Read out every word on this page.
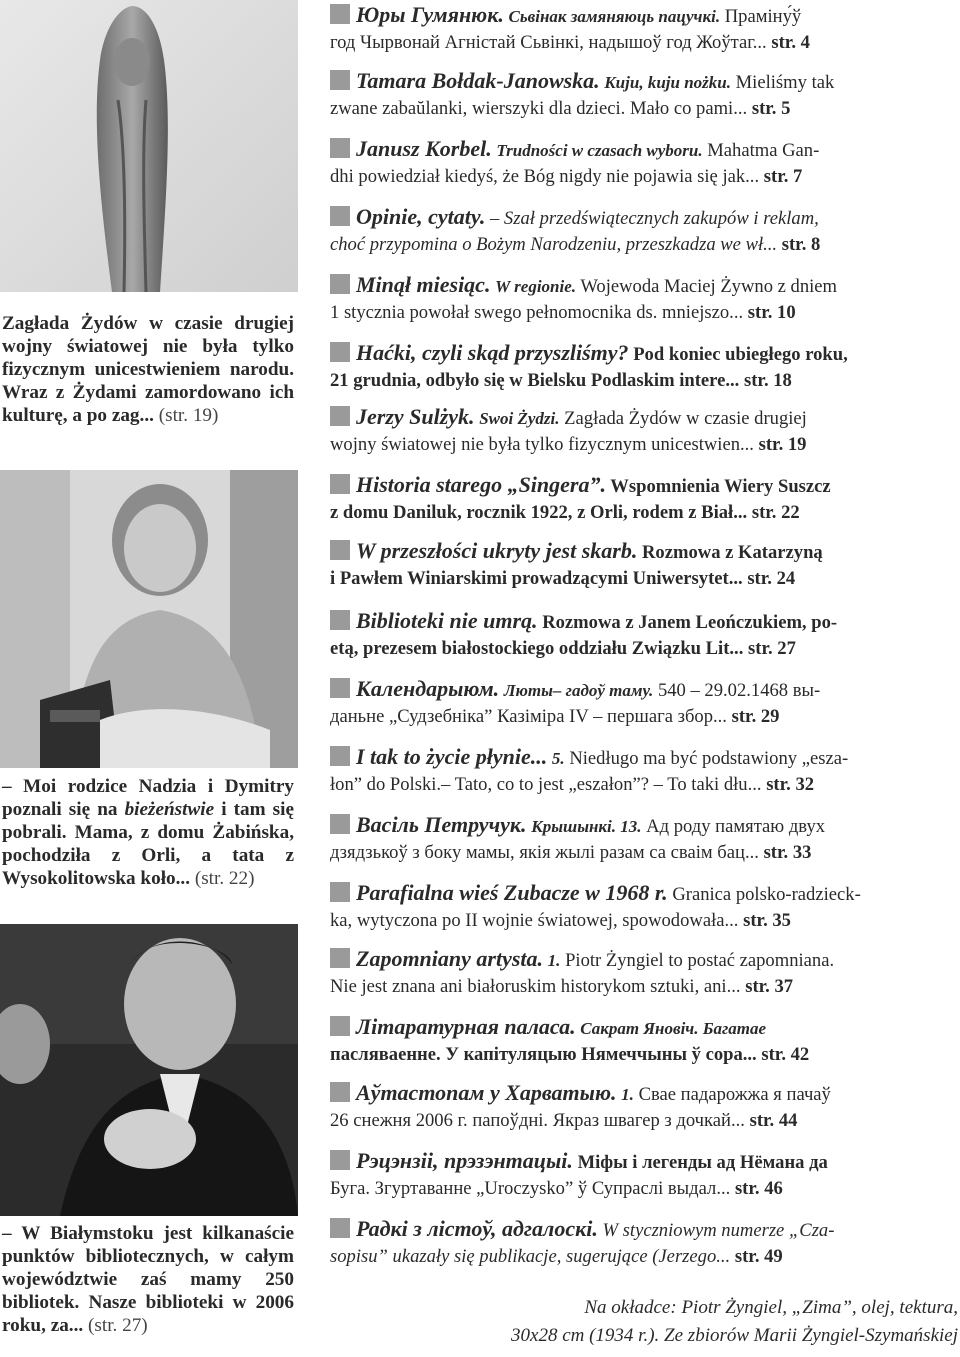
Zagłada Żydów w czasie drugiej wojny światowej nie była tylko fizycznym unicestwieniem narodu. Wraz z Żydami zamordowano ich kulturę, a po zag... (str. 19)
– Moi rodzice Nadzia i Dymitry poznali się na bieżeństwie i tam się pobrali. Mama, z domu Żabińska, pochodziła z Orli, a tata z Wysokolitowska koło... (str. 22)
– W Białymstoku jest kilkanaście punktów bibliotecznych, w całym województwie zaś mamy 250 bibliotek. Nasze biblioteki w 2006 roku, za... (str. 27)
Юры Гумянюк. Сьвінак замяняюць пацучкі. Праміну́ў
год Чырвонай Агністай Сьвінкі, надышоў год Жоўтаг... str. 4
Tamara Bołdak-Janowska. Kuju, kuju nożku. Mieliśmy tak
zwane zabaŭlanki, wierszyki dla dzieci. Mało co pami... str. 5
Janusz Korbel. Trudności w czasach wyboru. Mahatma Gan-
dhi powiedział kiedyś, że Bóg nigdy nie pojawia się jak... str. 7
Opinie, cytaty. – Szał przedświątecznych zakupów i reklam,
choć przypomina o Bożym Narodzeniu, przeszkadza we wł... str. 8
Minął miesiąc. W regionie. Wojewoda Maciej Żywno z dniem
1 stycznia powołał swego pełnomocnika ds. mniejszo... str. 10
Haćki, czyli skąd przyszliśmy? Pod koniec ubiegłego roku,
21 grudnia, odbyło się w Bielsku Podlaskim intere... str. 18
Jerzy Sulżyk. Swoi Żydzi. Zagłada Żydów w czasie drugiej
wojny światowej nie była tylko fizycznym unicestwien... str. 19
Historia starego „Singera”. Wspomnienia Wiery Suszcz
z domu Daniluk, rocznik 1922, z Orli, rodem z Biał... str. 22
W przeszłości ukryty jest skarb. Rozmowa z Katarzyną
i Pawłem Winiarskimi prowadzącymi Uniwersytet... str. 24
Biblioteki nie umrą. Rozmowa z Janem Leończukiem, po-
etą, prezesem białostockiego oddziału Związku Lit... str. 27
Календарыюм. Люты– гадоў таму. 540 – 29.02.1468 вы-
даньне „Судзебніка” Казіміра IV – першага збор... str. 29
I tak to życie płynie... 5. Niedługo ma być podstawiony „esza-
łon” do Polski.– Tato, co to jest „eszałon”? – To taki dłu... str. 32
Васіль Петручук. Крышынкі. 13. Ад роду памятаю двух
дзядзькоў з боку мамы, якія жылі разам са сваім бац... str. 33
Parafialna wieś Zubacze w 1968 r. Granica polsko-radzieck-
ka, wytyczona po II wojnie światowej, spowodowała... str. 35
Zapomniany artysta. 1. Piotr Żyngiel to postać zapomniana.
Nie jest znana ani białoruskim historykom sztuki, ani... str. 37
Літаратурная паласа. Сакрат Яновіч. Багатае
пасляваенне. У капітуляцыю Нямеччыны ў сора... str. 42
Аўтастопам у Харватыю. 1. Свае падарожжа я пачаў
26 снежня 2006 г. папоўдні. Якраз швагер з дочкай... str. 44
Рэцэнзіі, прэзэнтацыі. Міфы і легенды ад Нёмана да
Буга. Згуртаванне „Uroczysko” ў Супраслі выдал... str. 46
Радкі з лістоў, адгалоскі. W styczniowym numerze „Cza-
sopisu” ukazały się publikacje, sugerujące (Jerzego... str. 49
Na okładce: Piotr Żyngiel, „Zima”, olej, tektura,
30x28 cm (1934 r.). Ze zbiorów Marii Żyngiel-Szymańskiej
